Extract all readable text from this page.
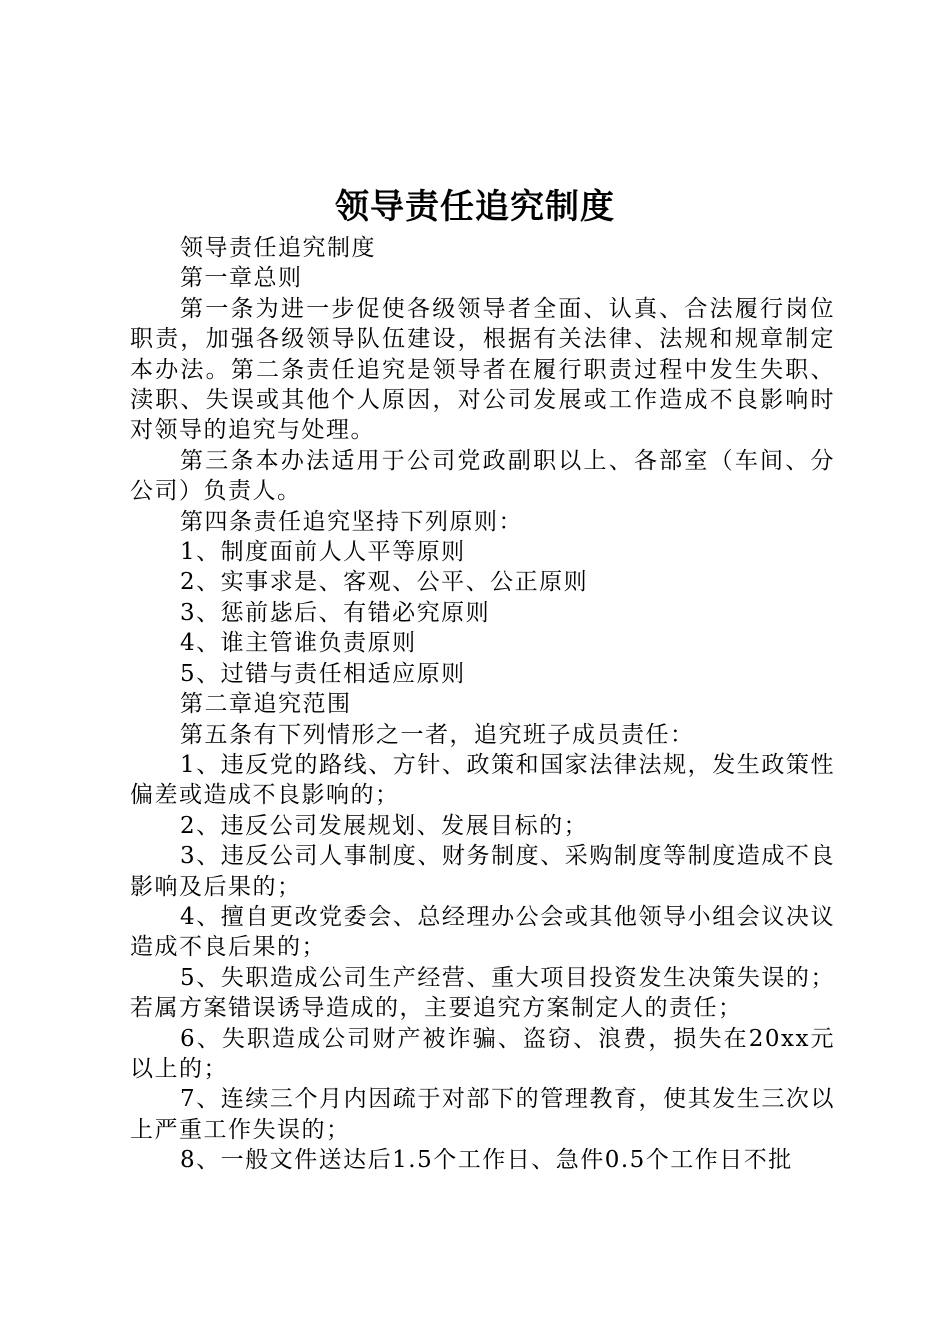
领导责任追究制度

领导责任追究制度

第一章总则

第一条为进一步促使各级领导者全面、认真、合法履行岗位职责，加强各级领导队伍建设，根据有关法律、法规和规章制定本办法。第二条责任追究是领导者在履行职责过程中发生失职、渎职、失误或其他个人原因，对公司发展或工作造成不良影响时对领导的追究与处理。

第三条本办法适用于公司党政副职以上、各部室（车间、分公司）负责人。

第四条责任追究坚持下列原则：

1、制度面前人人平等原则

2、实事求是、客观、公平、公正原则

3、惩前毖后、有错必究原则

4、谁主管谁负责原则

5、过错与责任相适应原则

第二章追究范围

第五条有下列情形之一者，追究班子成员责任：

1、违反党的路线、方针、政策和国家法律法规，发生政策性偏差或造成不良影响的；

2、违反公司发展规划、发展目标的；

3、违反公司人事制度、财务制度、采购制度等制度造成不良影响及后果的；

4、擅自更改党委会、总经理办公会或其他领导小组会议决议造成不良后果的；

5、失职造成公司生产经营、重大项目投资发生决策失误的；若属方案错误诱导造成的，主要追究方案制定人的责任；

6、失职造成公司财产被诈骗、盗窃、浪费，损失在20xx元以上的；

7、连续三个月内因疏于对部下的管理教育，使其发生三次以上严重工作失误的；

8、一般文件送达后1.5个工作日、急件0.5个工作日不批
